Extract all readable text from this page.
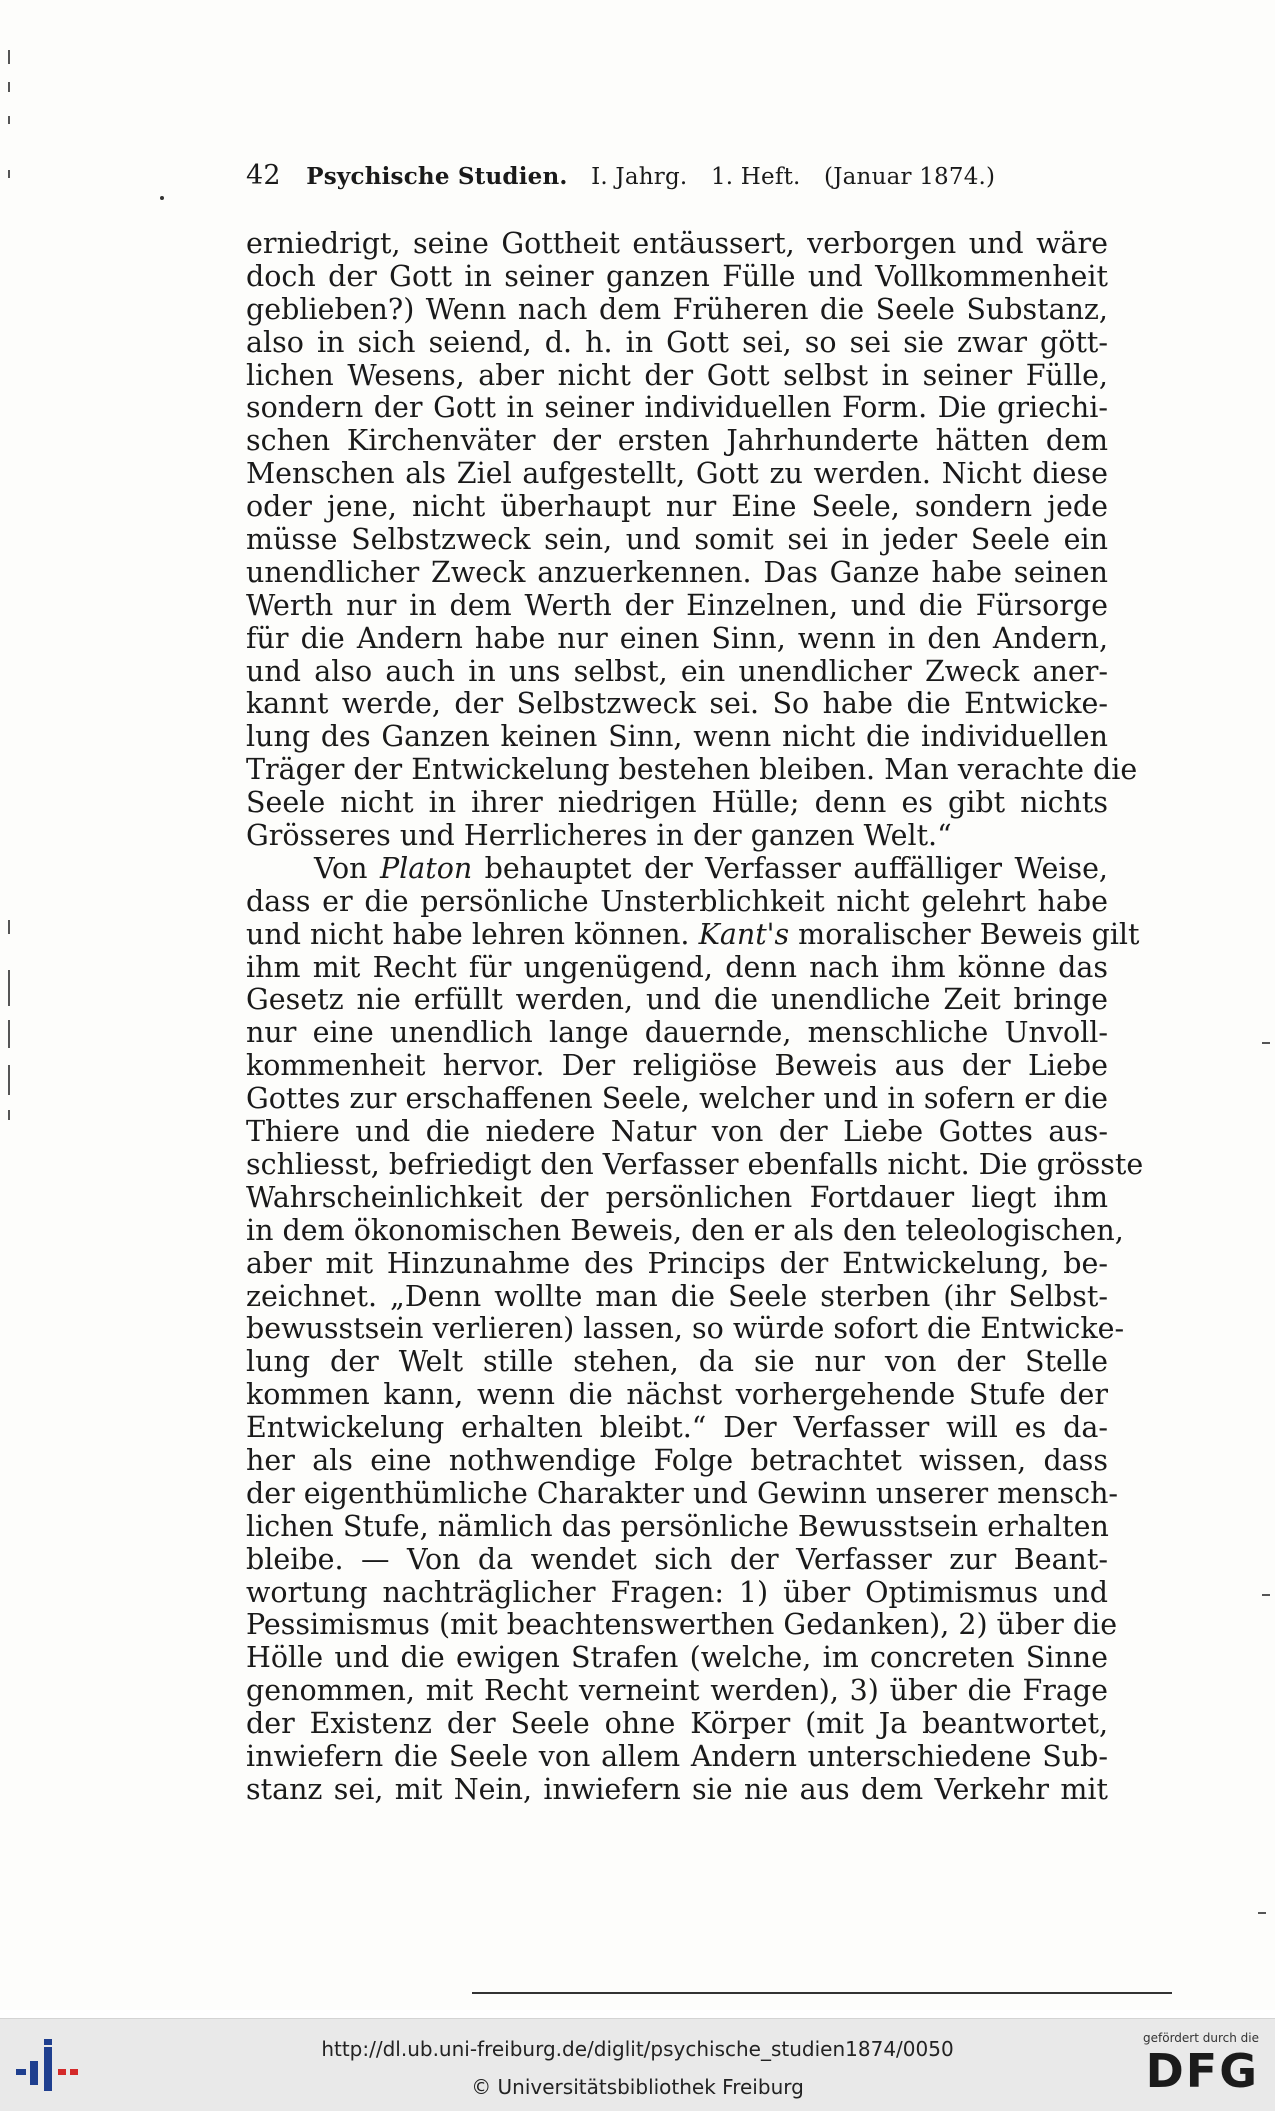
42 Psychische Studien. I. Jahrg. 1. Heft. (Januar 1874.)
erniedrigt, seine Gottheit entäussert, verborgen und wäre
doch der Gott in seiner ganzen Fülle und Vollkommenheit
geblieben?) Wenn nach dem Früheren die Seele Substanz,
also in sich seiend, d. h. in Gott sei, so sei sie zwar gött-
lichen Wesens, aber nicht der Gott selbst in seiner Fülle,
sondern der Gott in seiner individuellen Form. Die griechi-
schen Kirchenväter der ersten Jahrhunderte hätten dem
Menschen als Ziel aufgestellt, Gott zu werden. Nicht diese
oder jene, nicht überhaupt nur Eine Seele, sondern jede
müsse Selbstzweck sein, und somit sei in jeder Seele ein
unendlicher Zweck anzuerkennen. Das Ganze habe seinen
Werth nur in dem Werth der Einzelnen, und die Fürsorge
für die Andern habe nur einen Sinn, wenn in den Andern,
und also auch in uns selbst, ein unendlicher Zweck aner-
kannt werde, der Selbstzweck sei. So habe die Entwicke-
lung des Ganzen keinen Sinn, wenn nicht die individuellen
Träger der Entwickelung bestehen bleiben. Man verachte die
Seele nicht in ihrer niedrigen Hülle; denn es gibt nichts
Grösseres und Herrlicheres in der ganzen Welt.“
Von Platon behauptet der Verfasser auffälliger Weise,
dass er die persönliche Unsterblichkeit nicht gelehrt habe
und nicht habe lehren können. Kant's moralischer Beweis gilt
ihm mit Recht für ungenügend, denn nach ihm könne das
Gesetz nie erfüllt werden, und die unendliche Zeit bringe
nur eine unendlich lange dauernde, menschliche Unvoll-
kommenheit hervor. Der religiöse Beweis aus der Liebe
Gottes zur erschaffenen Seele, welcher und in sofern er die
Thiere und die niedere Natur von der Liebe Gottes aus-
schliesst, befriedigt den Verfasser ebenfalls nicht. Die grösste
Wahrscheinlichkeit der persönlichen Fortdauer liegt ihm
in dem ökonomischen Beweis, den er als den teleologischen,
aber mit Hinzunahme des Princips der Entwickelung, be-
zeichnet. „Denn wollte man die Seele sterben (ihr Selbst-
bewusstsein verlieren) lassen, so würde sofort die Entwicke-
lung der Welt stille stehen, da sie nur von der Stelle
kommen kann, wenn die nächst vorhergehende Stufe der
Entwickelung erhalten bleibt.“ Der Verfasser will es da-
her als eine nothwendige Folge betrachtet wissen, dass
der eigenthümliche Charakter und Gewinn unserer mensch-
lichen Stufe, nämlich das persönliche Bewusstsein erhalten
bleibe. — Von da wendet sich der Verfasser zur Beant-
wortung nachträglicher Fragen: 1) über Optimismus und
Pessimismus (mit beachtenswerthen Gedanken), 2) über die
Hölle und die ewigen Strafen (welche, im concreten Sinne
genommen, mit Recht verneint werden), 3) über die Frage
der Existenz der Seele ohne Körper (mit Ja beantwortet,
inwiefern die Seele von allem Andern unterschiedene Sub-
stanz sei, mit Nein, inwiefern sie nie aus dem Verkehr mit
http://dl.ub.uni-freiburg.de/diglit/psychische_studien1874/0050
© Universitätsbibliothek Freiburg
gefördert durch die
DFG
